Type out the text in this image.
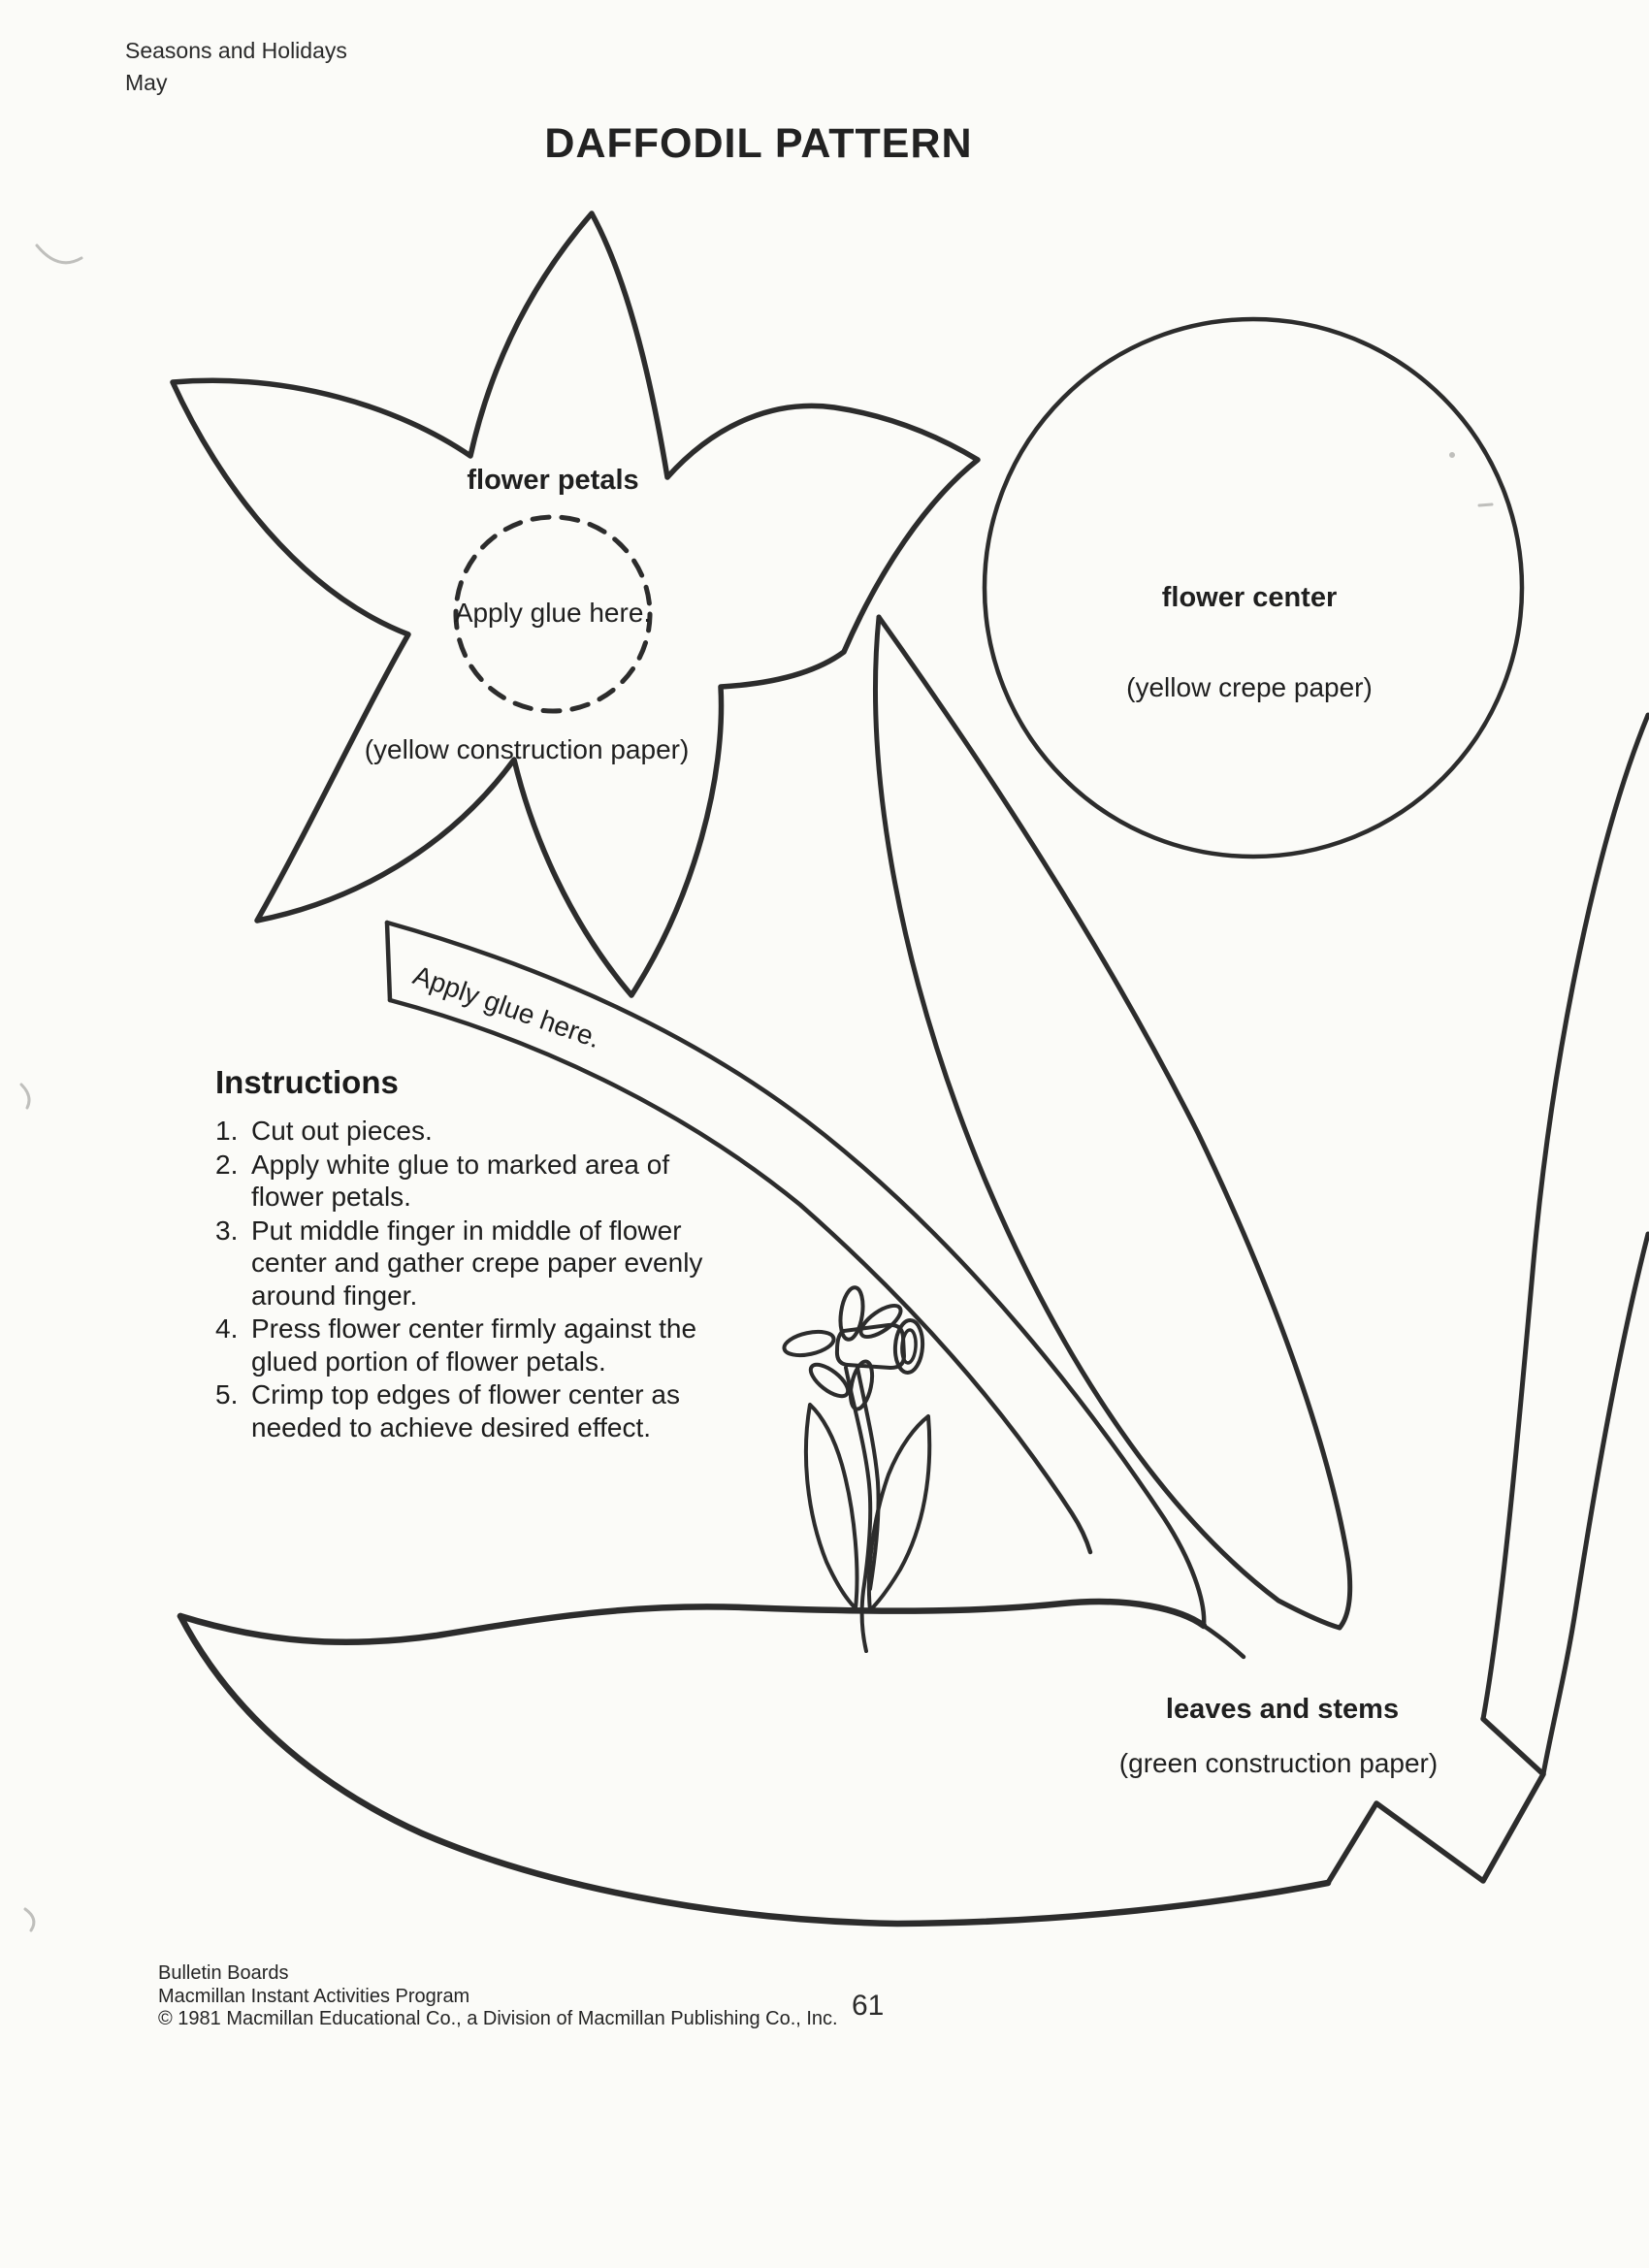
Apply glue here.
Seasons and Holidays
May
DAFFODIL PATTERN
flower petals
Apply glue here.
(yellow construction paper)
flower center
(yellow crepe paper)
leaves and stems
(green construction paper)
Instructions
1. Cut out pieces.
2. Apply white glue to marked area of flower petals.
3. Put middle finger in middle of flower center and gather crepe paper evenly around finger.
4. Press flower center firmly against the glued portion of flower petals.
5. Crimp top edges of flower center as needed to achieve desired effect.
Bulletin Boards
Macmillan Instant Activities Program
© 1981 Macmillan Educational Co., a Division of Macmillan Publishing Co., Inc. 61
